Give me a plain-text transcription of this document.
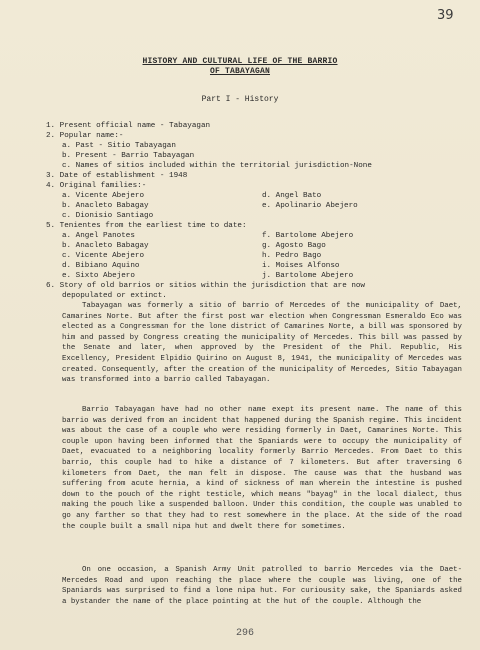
39
HISTORY AND CULTURAL LIFE OF THE BARRIO
OF TABAYAGAN
Part I - History
1. Present official name - Tabayagan
2. Popular name:-
a. Past - Sitio Tabayagan
b. Present - Barrio Tabayagan
c. Names of sitios included within the territorial jurisdiction-None
3. Date of establishment - 1948
4. Original families:-
a. Vicente Abejero
b. Anacleto Babagay
c. Dionisio Santiago
d. Angel Bato
e. Apolinario Abejero
5. Tenientes from the earliest time to date:
a. Angel Panotes
b. Anacleto Babagay
c. Vicente Abejero
d. Bibiano Aquino
e. Sixto Abejero
f. Bartolome Abejero
g. Agosto Bago
h. Pedro Bago
i. Moises Alfonso
j. Bartolome Abejero
6. Story of old barrios or sitios within the jurisdiction that are now
depopulated or extinct.
Tabayagan was formerly a sitio of barrio of Mercedes of the municipality of Daet, Camarines Norte. But after the first post war election when Congressman Esmeraldo Eco was elected as a Congressman for the lone district of Camarines Norte, a bill was sponsored by him and passed by Congress creating the municipality of Mercedes. This bill was passed by the Senate and later, when approved by the President of the Phil. Republic, His Excellency, President Elpidio Quirino on August 8, 1941, the municipality of Mercedes was created. Consequently, after the creation of the municipality of Mercedes, Sitio Tabayagan was transformed into a barrio called Tabayagan.
Barrio Tabayagan have had no other name exept its present name. The name of this barrio was derived from an incident that happened during the Spanish regime. This incident was about the case of a couple who were residing formerly in Daet, Camarines Norte. This couple upon having been informed that the Spaniards were to occupy the municipality of Daet, evacuated to a neighboring locality formerly Barrio Mercedes. From Daet to this barrio, this couple had to hike a distance of 7 kilometers. But after traversing 6 kilometers from Daet, the man felt in dispose. The cause was that the husband was suffering from acute hernia, a kind of sickness of man wherein the intestine is pushed down to the pouch of the right testicle, which means "bayag" in the local dialect, thus making the pouch like a suspended balloon. Under this condition, the couple was unabled to go any farther so that they had to rest somewhere in the place. At the side of the road the couple built a small nipa hut and dwelt there for sometimes.
On one occasion, a Spanish Army Unit patrolled to barrio Mercedes via the Daet-Mercedes Road and upon reaching the place where the couple was living, one of the Spaniards was surprised to find a lone nipa hut. For curiousity sake, the Spaniards asked a bystander the name of the place pointing at the hut of the couple. Although the
296
